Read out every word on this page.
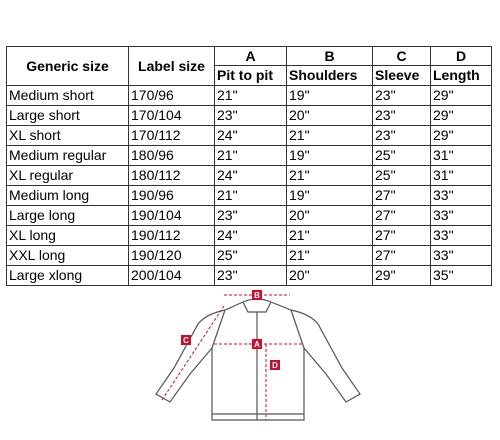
Generic size	Label size	A	B	C	D
		Pit to pit	Shoulders	Sleeve	Length
Medium short	170/96	21"	19"	23"	29"
Large short	170/104	23"	20"	23"	29"
XL short	170/112	24"	21"	23"	29"
Medium regular	180/96	21"	19"	25"	31"
XL regular	180/112	24"	21"	25"	31"
Medium long	190/96	21"	19"	27"	33"
Large long	190/104	23"	20"	27"	33"
XL long	190/112	24"	21"	27"	33"
XXL long	190/120	25"	21"	27"	33"
Large xlong	200/104	23"	20"	29"	35"
B
A
C
D
